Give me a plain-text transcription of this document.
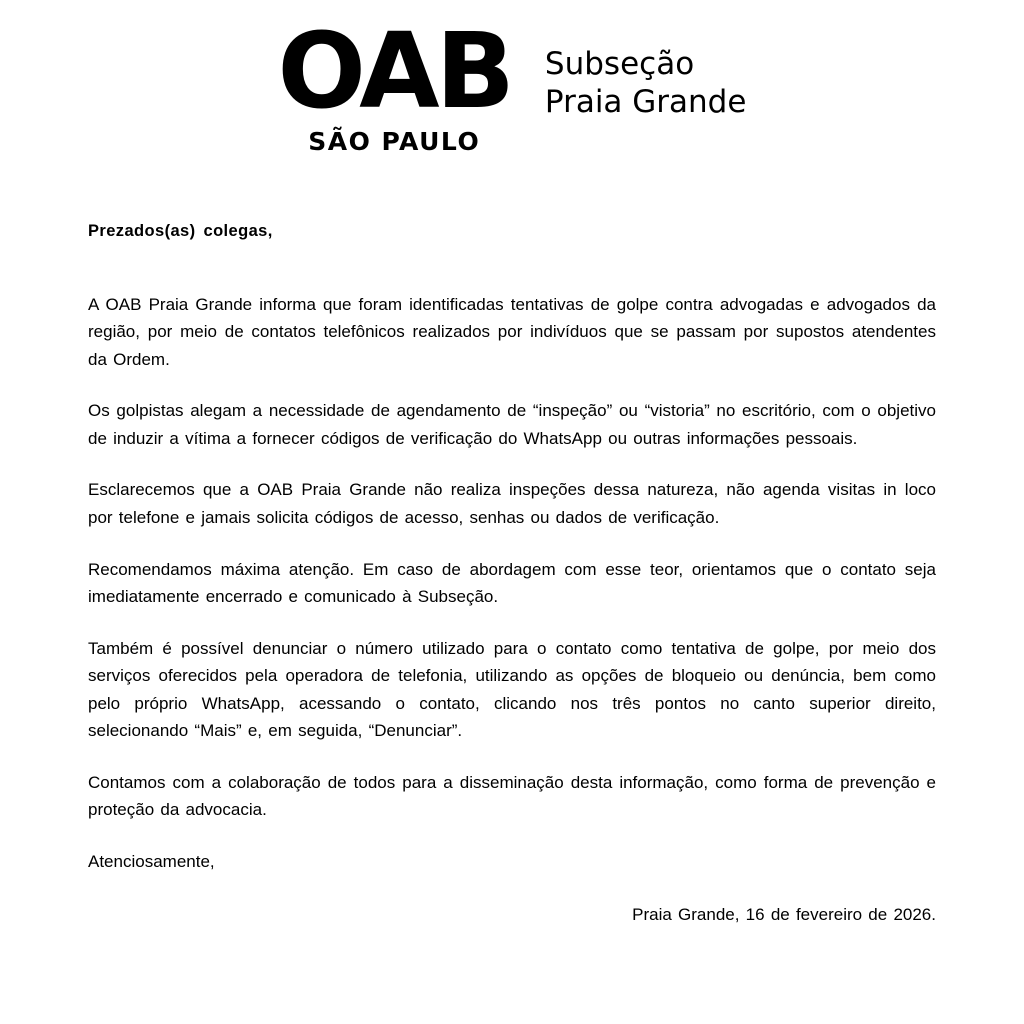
OAB
SÃO PAULO
Subseção
Praia Grande

Prezados(as) colegas,

A OAB Praia Grande informa que foram identificadas tentativas de golpe contra advogadas e advogados da região, por meio de contatos telefônicos realizados por indivíduos que se passam por supostos atendentes da Ordem.

Os golpistas alegam a necessidade de agendamento de “inspeção” ou “vistoria” no escritório, com o objetivo de induzir a vítima a fornecer códigos de verificação do WhatsApp ou outras informações pessoais.

Esclarecemos que a OAB Praia Grande não realiza inspeções dessa natureza, não agenda visitas in loco por telefone e jamais solicita códigos de acesso, senhas ou dados de verificação.

Recomendamos máxima atenção. Em caso de abordagem com esse teor, orientamos que o contato seja imediatamente encerrado e comunicado à Subseção.

Também é possível denunciar o número utilizado para o contato como tentativa de golpe, por meio dos serviços oferecidos pela operadora de telefonia, utilizando as opções de bloqueio ou denúncia, bem como pelo próprio WhatsApp, acessando o contato, clicando nos três pontos no canto superior direito, selecionando “Mais” e, em seguida, “Denunciar”.

Contamos com a colaboração de todos para a disseminação desta informação, como forma de prevenção e proteção da advocacia.

Atenciosamente,

Praia Grande, 16 de fevereiro de 2026.
